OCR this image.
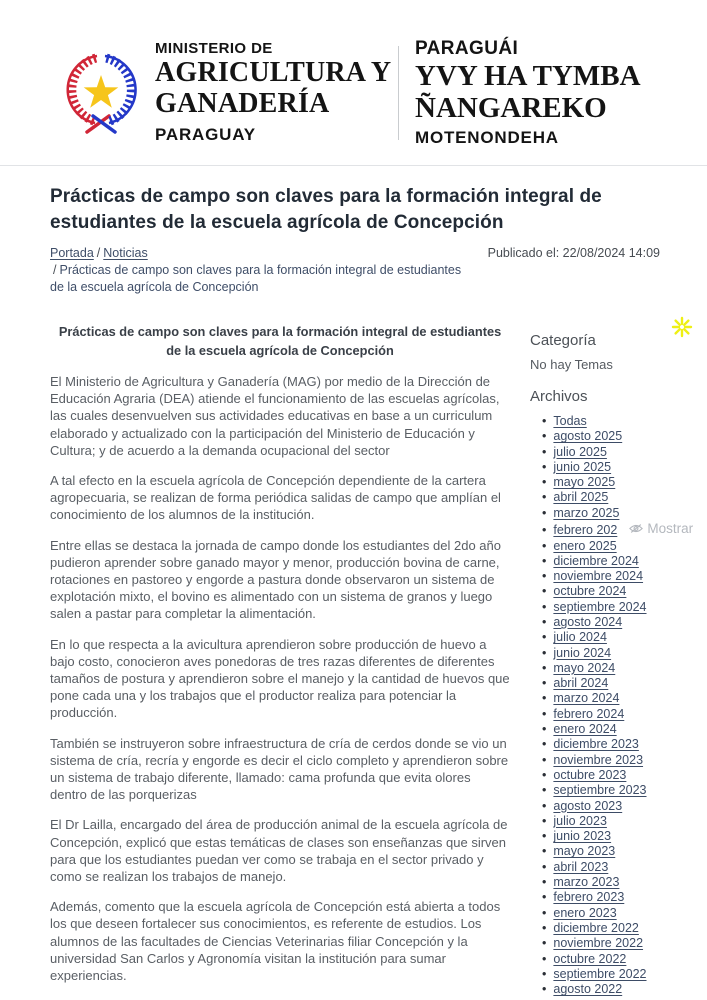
MINISTERIO DE
AGRICULTURA Y
GANADERÍA
PARAGUAY
PARAGUÁI
YVY HA TYMBA
ÑANGAREKO
MOTENONDEHA
Prácticas de campo son claves para la formación integral de estudiantes de la escuela agrícola de Concepción
Portada / Noticias
/ Prácticas de campo son claves para la formación integral de estudiantes de la escuela agrícola de Concepción
Publicado el: 22/08/2024 14:09
Prácticas de campo son claves para la formación integral de estudiantes de la escuela agrícola de Concepción

El Ministerio de Agricultura y Ganadería (MAG) por medio de la Dirección de Educación Agraria (DEA) atiende el funcionamiento de las escuelas agrícolas, las cuales desenvuelven sus actividades educativas en base a un curriculum elaborado y actualizado con la participación del Ministerio de Educación y Cultura; y de acuerdo a la demanda ocupacional del sector

A tal efecto en la escuela agrícola de Concepción dependiente de la cartera agropecuaria, se realizan de forma periódica salidas de campo que amplían el conocimiento de los alumnos de la institución.

Entre ellas se destaca la jornada de campo donde los estudiantes del 2do año pudieron aprender sobre ganado mayor y menor, producción bovina de carne, rotaciones en pastoreo y engorde a pastura donde observaron un sistema de explotación mixto, el bovino es alimentado con un sistema de granos y luego salen a pastar para completar la alimentación.

En lo que respecta a la avicultura aprendieron sobre producción de huevo a bajo costo, conocieron aves ponedoras de tres razas diferentes de diferentes tamaños de postura y aprendieron sobre el manejo y la cantidad de huevos que pone cada una y los trabajos que el productor realiza para potenciar la producción.

También se instruyeron sobre infraestructura de cría de cerdos donde se vio un sistema de cría, recría y engorde es decir el ciclo completo y aprendieron sobre un sistema de trabajo diferente, llamado: cama profunda que evita olores dentro de las porquerizas

El Dr Lailla, encargado del área de producción animal de la escuela agrícola de Concepción, explicó que estas temáticas de clases son enseñanzas que sirven para que los estudiantes puedan ver como se trabaja en el sector privado y como se realizan los trabajos de manejo.

Además, comento que la escuela agrícola de Concepción está abierta a todos los que deseen fortalecer sus conocimientos, es referente de estudios. Los alumnos de las facultades de Ciencias Veterinarias filiar Concepción y la universidad San Carlos y Agronomía visitan la institución para sumar experiencias.

Categoría

No hay Temas

Archivos
• Todas
• agosto 2025
• julio 2025
• junio 2025
• mayo 2025
• abril 2025
• marzo 2025
• febrero 202 Mostrar
• enero 2025
• diciembre 2024
• noviembre 2024
• octubre 2024
• septiembre 2024
• agosto 2024
• julio 2024
• junio 2024
• mayo 2024
• abril 2024
• marzo 2024
• febrero 2024
• enero 2024
• diciembre 2023
• noviembre 2023
• octubre 2023
• septiembre 2023
• agosto 2023
• julio 2023
• junio 2023
• mayo 2023
• abril 2023
• marzo 2023
• febrero 2023
• enero 2023
• diciembre 2022
• noviembre 2022
• octubre 2022
• septiembre 2022
• agosto 2022
